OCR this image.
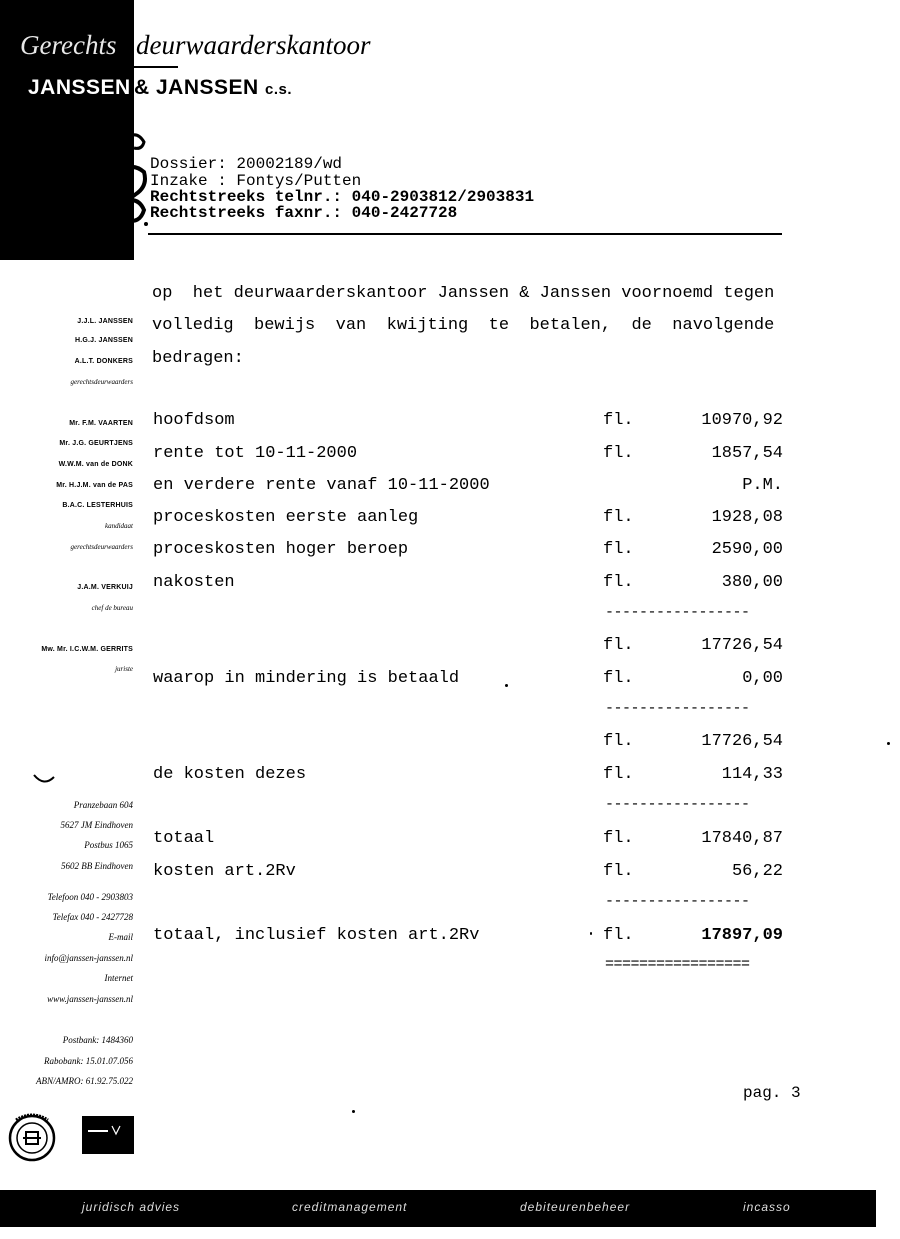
Gerechts deurwaarderskantoor
JANSSEN & JANSSEN c.s.
Dossier: 20002189/wd
Inzake : Fontys/Putten
Rechtstreeks telnr.: 040-2903812/2903831
Rechtstreeks faxnr.: 040-2427728
op  het deurwaarderskantoor Janssen & Janssen voornoemd tegen
volledig  bewijs  van  kwijting  te  betalen,  de  navolgende
bedragen:
hoofdsom	fl.	10970,92
rente tot 10-11-2000	fl.	1857,54
en verdere rente vanaf 10-11-2000	P.M.
proceskosten eerste aanleg	fl.	1928,08
proceskosten hoger beroep	fl.	2590,00
nakosten	fl.	380,00
-----------------
fl.	17726,54
waarop in mindering is betaald	fl.	0,00
-----------------
fl.	17726,54
de kosten dezes	fl.	114,33
-----------------
totaal	fl.	17840,87
kosten art.2Rv	fl.	56,22
-----------------
totaal, inclusief kosten art.2Rv	fl.	17897,09
=================
J.J.L. JANSSEN
H.G.J. JANSSEN
A.L.T. DONKERS
gerechtsdeurwaarders
Mr. F.M. VAARTEN
Mr. J.G. GEURTJENS
W.W.M. van de DONK
Mr. H.J.M. van de PAS
B.A.C. LESTERHUIS
kandidaat
gerechtsdeurwaarders
J.A.M. VERKUIJ
chef de bureau
Mw. Mr. I.C.W.M. GERRITS
juriste
Pranzebaan 604
5627 JM Eindhoven
Postbus 1065
5602 BB Eindhoven
Telefoon 040 - 2903803
Telefax 040 - 2427728
E-mail
info@janssen-janssen.nl
Internet
www.janssen-janssen.nl
Postbank: 1484360
Rabobank: 15.01.07.056
ABN/AMRO: 61.92.75.022
pag. 3
juridisch advies	creditmanagement	debiteurenbeheer	incasso
